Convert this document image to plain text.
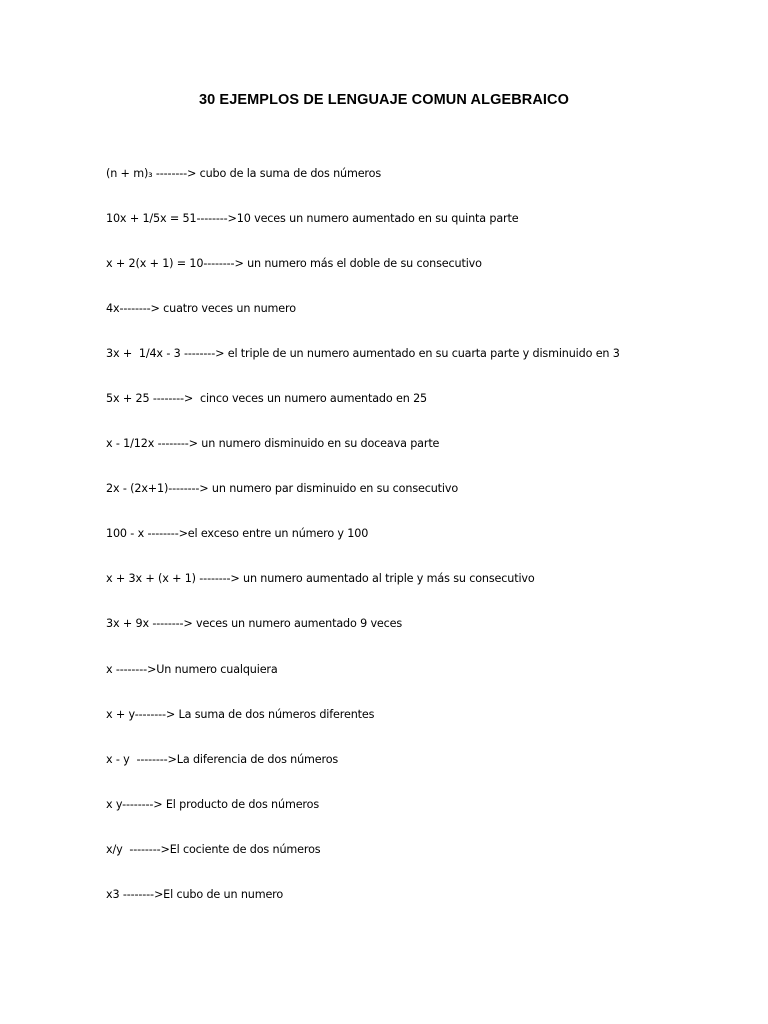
30 EJEMPLOS DE LENGUAJE COMUN ALGEBRAICO
(n + m)₃ --------> cubo de la suma de dos números
10x + 1/5x = 51-------->10 veces un numero aumentado en su quinta parte
x + 2(x + 1) = 10--------> un numero más el doble de su consecutivo
4x--------> cuatro veces un numero
3x +  1/4x - 3 --------> el triple de un numero aumentado en su cuarta parte y disminuido en 3
5x + 25 -------->  cinco veces un numero aumentado en 25
x - 1/12x --------> un numero disminuido en su doceava parte
2x - (2x+1)--------> un numero par disminuido en su consecutivo
100 - x -------->el exceso entre un número y 100
x + 3x + (x + 1) --------> un numero aumentado al triple y más su consecutivo
3x + 9x --------> veces un numero aumentado 9 veces
x -------->Un numero cualquiera
x + y--------> La suma de dos números diferentes
x - y  -------->La diferencia de dos números
x y--------> El producto de dos números
x/y  -------->El cociente de dos números
x3 -------->El cubo de un numero
